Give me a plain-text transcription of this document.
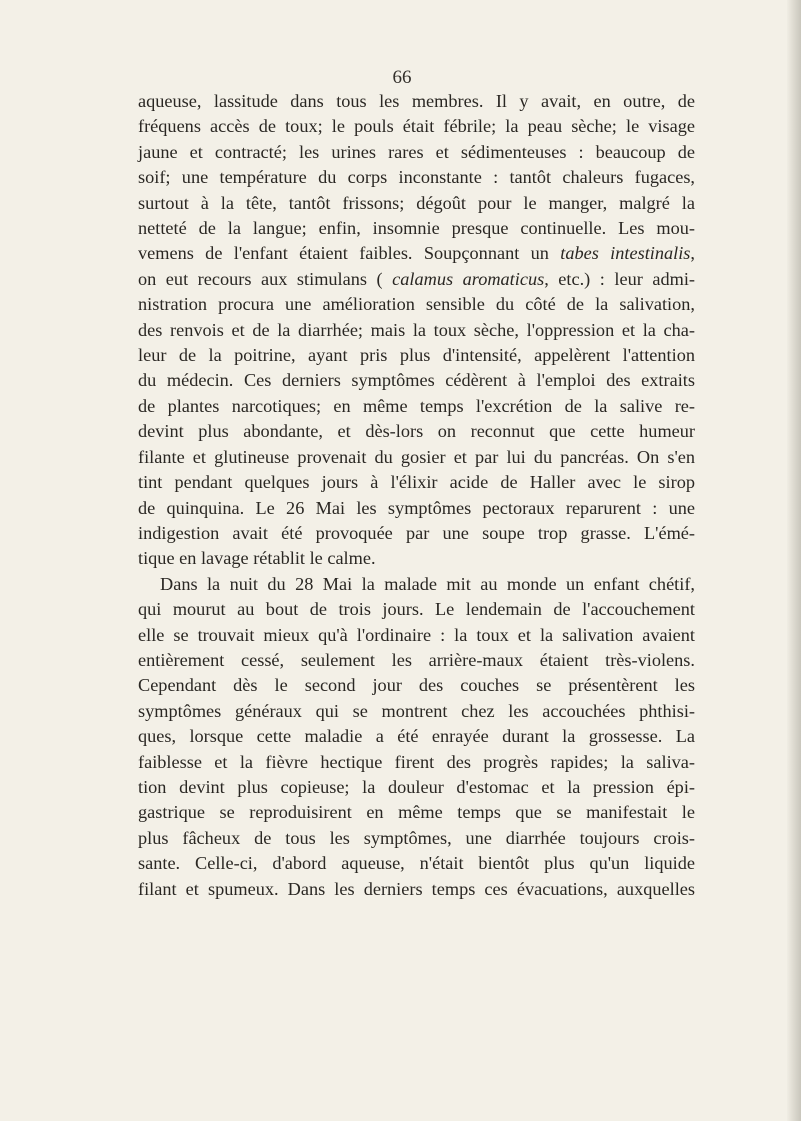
66
aqueuse, lassitude dans tous les membres. Il y avait, en outre, de
fréquens accès de toux; le pouls était fébrile; la peau sèche; le visage
jaune et contracté; les urines rares et sédimenteuses : beaucoup de
soif; une température du corps inconstante : tantôt chaleurs fugaces,
surtout à la tête, tantôt frissons; dégoût pour le manger, malgré la
netteté de la langue; enfin, insomnie presque continuelle. Les mou-
vemens de l'enfant étaient faibles. Soupçonnant un tabes intestinalis,
on eut recours aux stimulans ( calamus aromaticus, etc.) : leur admi-
nistration procura une amélioration sensible du côté de la salivation,
des renvois et de la diarrhée; mais la toux sèche, l'oppression et la cha-
leur de la poitrine, ayant pris plus d'intensité, appelèrent l'attention
du médecin. Ces derniers symptômes cédèrent à l'emploi des extraits
de plantes narcotiques; en même temps l'excrétion de la salive re-
devint plus abondante, et dès-lors on reconnut que cette humeur
filante et glutineuse provenait du gosier et par lui du pancréas. On s'en
tint pendant quelques jours à l'élixir acide de Haller avec le sirop
de quinquina. Le 26 Mai les symptômes pectoraux reparurent : une
indigestion avait été provoquée par une soupe trop grasse. L'émé-
tique en lavage rétablit le calme.
Dans la nuit du 28 Mai la malade mit au monde un enfant chétif,
qui mourut au bout de trois jours. Le lendemain de l'accouchement
elle se trouvait mieux qu'à l'ordinaire : la toux et la salivation avaient
entièrement cessé, seulement les arrière-maux étaient très-violens.
Cependant dès le second jour des couches se présentèrent les
symptômes généraux qui se montrent chez les accouchées phthisi-
ques, lorsque cette maladie a été enrayée durant la grossesse. La
faiblesse et la fièvre hectique firent des progrès rapides; la saliva-
tion devint plus copieuse; la douleur d'estomac et la pression épi-
gastrique se reproduisirent en même temps que se manifestait le
plus fâcheux de tous les symptômes, une diarrhée toujours crois-
sante. Celle-ci, d'abord aqueuse, n'était bientôt plus qu'un liquide
filant et spumeux. Dans les derniers temps ces évacuations, auxquelles
